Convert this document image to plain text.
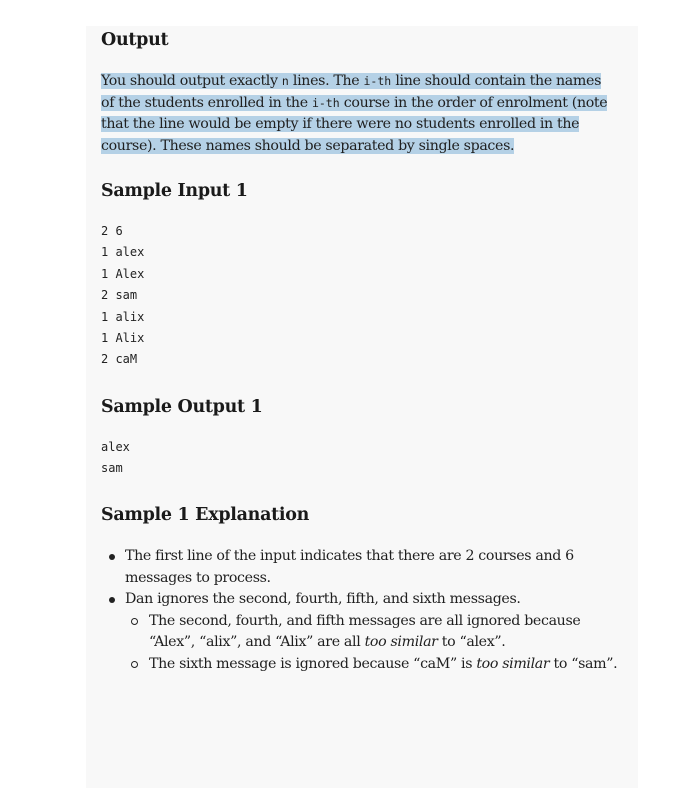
Output
You should output exactly n lines. The i-th line should contain the names of the students enrolled in the i-th course in the order of enrolment (note that the line would be empty if there were no students enrolled in the course). These names should be separated by single spaces.
Sample Input 1
2 6
1 alex
1 Alex
2 sam
1 alix
1 Alix
2 caM
Sample Output 1
alex
sam
Sample 1 Explanation
The first line of the input indicates that there are 2 courses and 6 messages to process.
Dan ignores the second, fourth, fifth, and sixth messages.
The second, fourth, and fifth messages are all ignored because “Alex”, “alix”, and “Alix” are all too similar to “alex”.
The sixth message is ignored because “caM” is too similar to “sam”.
